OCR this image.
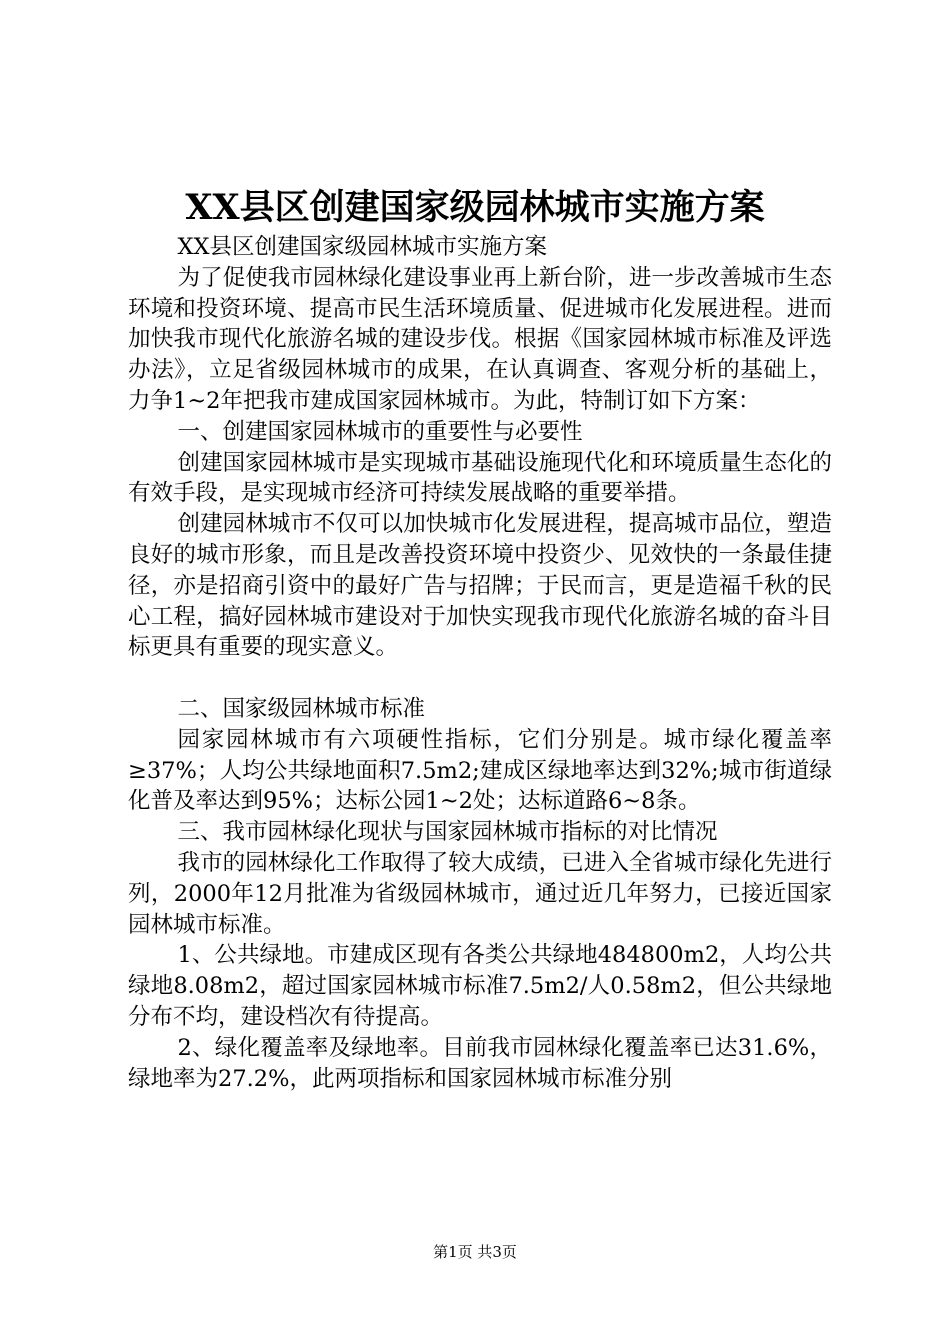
XX县区创建国家级园林城市实施方案

XX县区创建国家级园林城市实施方案

为了促使我市园林绿化建设事业再上新台阶，进一步改善城市生态环境和投资环境、提高市民生活环境质量、促进城市化发展进程。进而加快我市现代化旅游名城的建设步伐。根据《国家园林城市标准及评选办法》，立足省级园林城市的成果，在认真调查、客观分析的基础上，力争1~2年把我市建成国家园林城市。为此，特制订如下方案：

一、创建国家园林城市的重要性与必要性

创建国家园林城市是实现城市基础设施现代化和环境质量生态化的有效手段，是实现城市经济可持续发展战略的重要举措。

创建园林城市不仅可以加快城市化发展进程，提高城市品位，塑造良好的城市形象，而且是改善投资环境中投资少、见效快的一条最佳捷径，亦是招商引资中的最好广告与招牌；于民而言，更是造福千秋的民心工程，搞好园林城市建设对于加快实现我市现代化旅游名城的奋斗目标更具有重要的现实意义。

二、国家级园林城市标准

园家园林城市有六项硬性指标，它们分别是。城市绿化覆盖率≥37%；人均公共绿地面积7.5m2;建成区绿地率达到32%;城市街道绿化普及率达到95%；达标公园1~2处；达标道路6~8条。

三、我市园林绿化现状与国家园林城市指标的对比情况

我市的园林绿化工作取得了较大成绩，已进入全省城市绿化先进行列，2000年12月批准为省级园林城市，通过近几年努力，已接近国家园林城市标准。

1、公共绿地。市建成区现有各类公共绿地484800m2，人均公共绿地8.08m2，超过国家园林城市标准7.5m2/人0.58m2，但公共绿地分布不均，建设档次有待提高。

2、绿化覆盖率及绿地率。目前我市园林绿化覆盖率已达31.6%，绿地率为27.2%，此两项指标和国家园林城市标准分别

第1页 共3页
